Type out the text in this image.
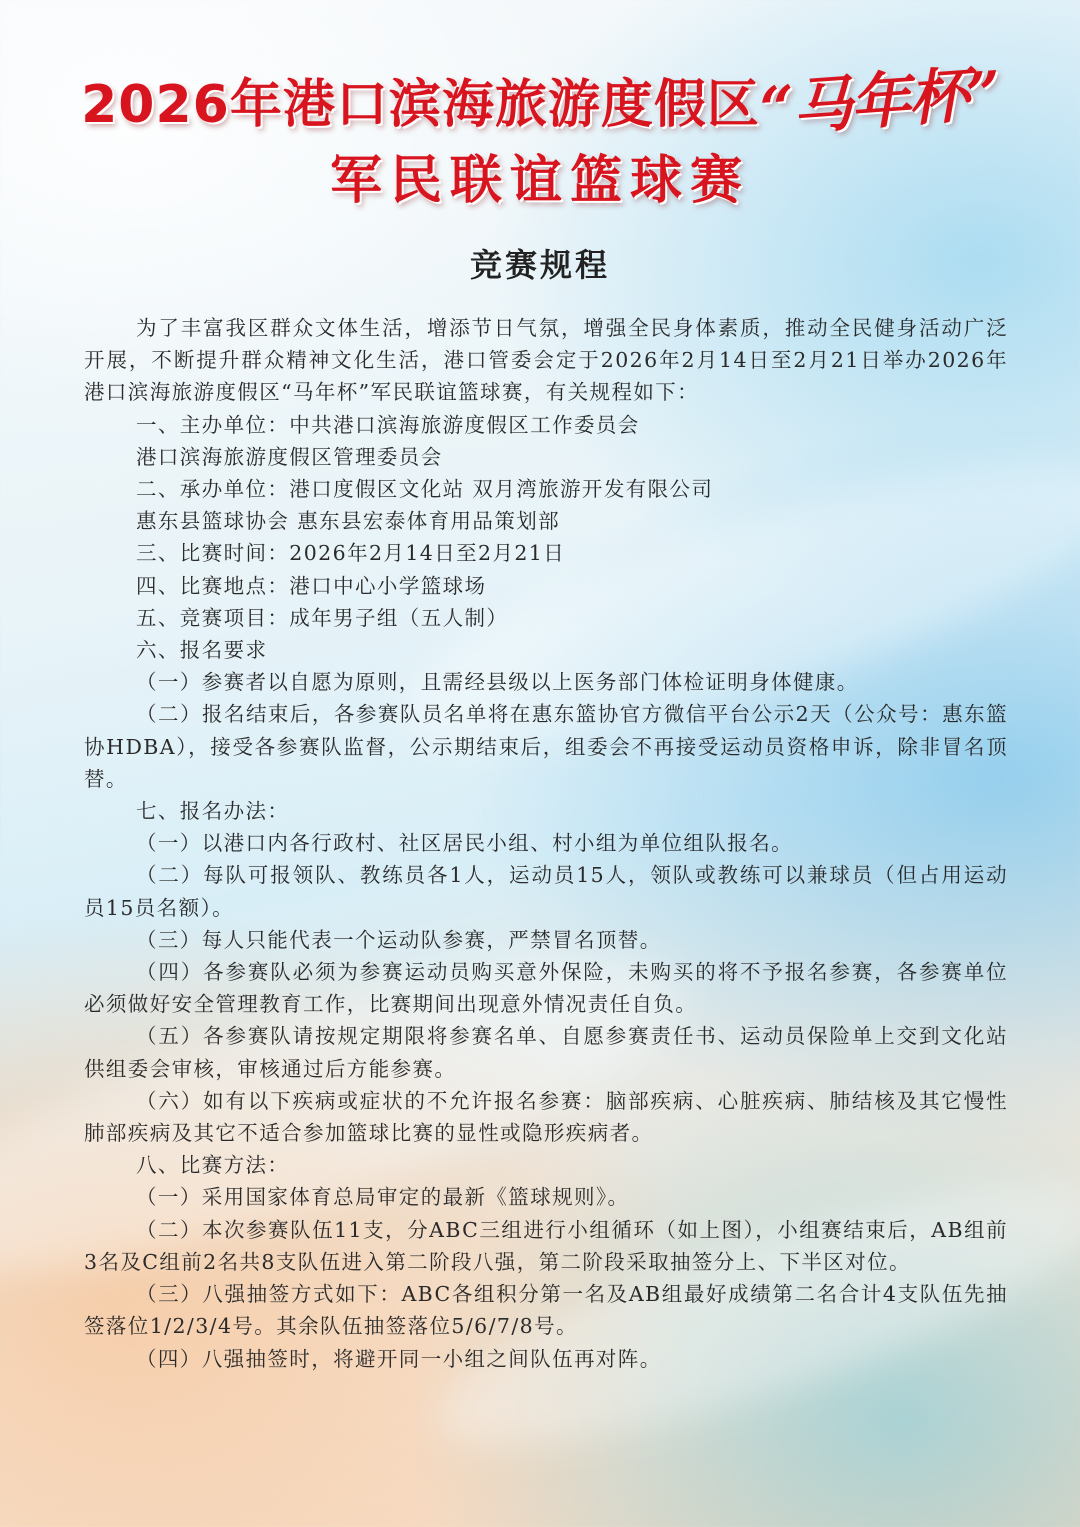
2026年港口滨海旅游度假区“马年杯”
军民联谊篮球赛
竞赛规程

为了丰富我区群众文体生活，增添节日气氛，增强全民身体素质，推动全民健身活动广泛开展，不断提升群众精神文化生活，港口管委会定于2026年2月14日至2月21日举办2026年港口滨海旅游度假区“马年杯”军民联谊篮球赛，有关规程如下：

一、主办单位：中共港口滨海旅游度假区工作委员会

港口滨海旅游度假区管理委员会

二、承办单位：港口度假区文化站 双月湾旅游开发有限公司

惠东县篮球协会 惠东县宏泰体育用品策划部

三、比赛时间：2026年2月14日至2月21日

四、比赛地点：港口中心小学篮球场

五、竞赛项目：成年男子组（五人制）

六、报名要求

（一）参赛者以自愿为原则，且需经县级以上医务部门体检证明身体健康。

（二）报名结束后，各参赛队员名单将在惠东篮协官方微信平台公示2天（公众号：惠东篮协HDBA），接受各参赛队监督，公示期结束后，组委会不再接受运动员资格申诉，除非冒名顶替。

七、报名办法：

（一）以港口内各行政村、社区居民小组、村小组为单位组队报名。

（二）每队可报领队、教练员各1人，运动员15人，领队或教练可以兼球员（但占用运动员15员名额）。

（三）每人只能代表一个运动队参赛，严禁冒名顶替。

（四）各参赛队必须为参赛运动员购买意外保险，未购买的将不予报名参赛，各参赛单位必须做好安全管理教育工作，比赛期间出现意外情况责任自负。

（五）各参赛队请按规定期限将参赛名单、自愿参赛责任书、运动员保险单上交到文化站供组委会审核，审核通过后方能参赛。

（六）如有以下疾病或症状的不允许报名参赛：脑部疾病、心脏疾病、肺结核及其它慢性肺部疾病及其它不适合参加篮球比赛的显性或隐形疾病者。

八、比赛方法：

（一）采用国家体育总局审定的最新《篮球规则》。

（二）本次参赛队伍11支，分ABC三组进行小组循环（如上图），小组赛结束后，AB组前3名及C组前2名共8支队伍进入第二阶段八强，第二阶段采取抽签分上、下半区对位。

（三）八强抽签方式如下：ABC各组积分第一名及AB组最好成绩第二名合计4支队伍先抽签落位1/2/3/4号。其余队伍抽签落位5/6/7/8号。

（四）八强抽签时，将避开同一小组之间队伍再对阵。
